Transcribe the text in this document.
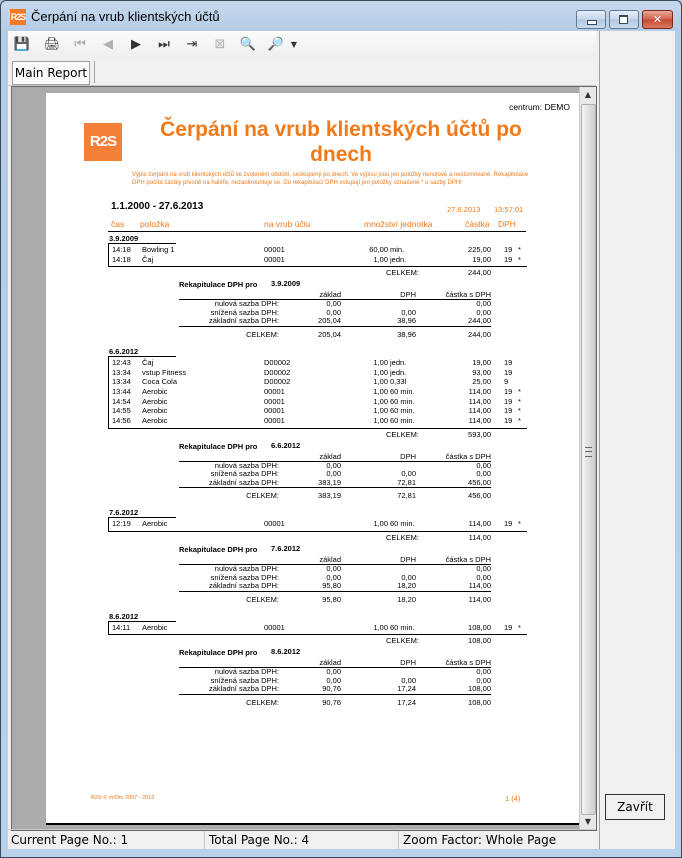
R2S Čerpání na vrub klientských účtů	✕
💾 🖨	⏮	◀	▶	⏭	⇥	⊠	🔍 🔎 ▼
Main Report
centrum: DEMO
R2S
Čerpání na vrub klientských účtů po
dnech
Výpis čerpání na vrub klientských účtů ve zvoleném období, seskupený po dnech. Ve výpisu jsou jen položky nenulové a nestornované. Rekapitulace DPH počítá částky přesně na haléře, nezaokrouhluje se. Do rekapitulací DPH vstupují jen položky označené * u sazby DPH!
1.1.2000 - 27.6.2013	27.6.2013 13:57:01
čas položka	na vrub účtu	množství jednotka	částka DPH
3.9.2009
14:18 Bowling 1	00001	60,00 min.	225,00 19 *
14:18 Čaj	00001	1,00 jedn.	19,00 19 *
CELKEM:	244,00
Rekapitulace DPH pro 3.9.2009
základ	DPH	částka s DPH
nulová sazba DPH:	0,00	0,00
snížená sazba DPH:	0,00	0,00	0,00
základní sazba DPH:	205,04	38,96	244,00
CELKEM:	205,04	38,96	244,00
6.6.2012
12:43 Čaj	D00002	1,00 jedn.	19,00 19
13:34 vstup Fitness	D00002	1,00 jedn.	93,00 19
13:34 Coca Cola	D00002	1,00 0,33l	25,00 9
13:44 Aerobic	00001	1,00 60 min.	114,00 19 *
14:54 Aerobic	00001	1,00 60 min.	114,00 19 *
14:55 Aerobic	00001	1,00 60 min.	114,00 19 *
14:56 Aerobic	00001	1,00 60 min.	114,00 19 *
CELKEM:	593,00
Rekapitulace DPH pro 6.6.2012
základ	DPH	částka s DPH
nulová sazba DPH:	0,00	0,00
snížená sazba DPH:	0,00	0,00	0,00
základní sazba DPH:	383,19	72,81	456,00
CELKEM:	383,19	72,81	456,00
7.6.2012
12:19 Aerobic	00001	1,00 60 min.	114,00 19 *
CELKEM:	114,00
Rekapitulace DPH pro 7.6.2012
základ	DPH	částka s DPH
nulová sazba DPH:	0,00	0,00
snížená sazba DPH:	0,00	0,00	0,00
základní sazba DPH:	95,80	18,20	114,00
CELKEM:	95,80	18,20	114,00
8.6.2012
14:11 Aerobic	00001	1,00 60 min.	108,00 19 *
CELKEM:	108,00
Rekapitulace DPH pro 8.6.2012
základ	DPH	částka s DPH
nulová sazba DPH:	0,00	0,00
snížená sazba DPH:	0,00	0,00	0,00
základní sazba DPH:	90,76	17,24	108,00
CELKEM:	90,76	17,24	108,00
R2S © miOm 2007 - 2013	1 (4)
▲
▼
Current Page No.: 1	Total Page No.: 4	Zoom Factor: Whole Page
Zavřít
